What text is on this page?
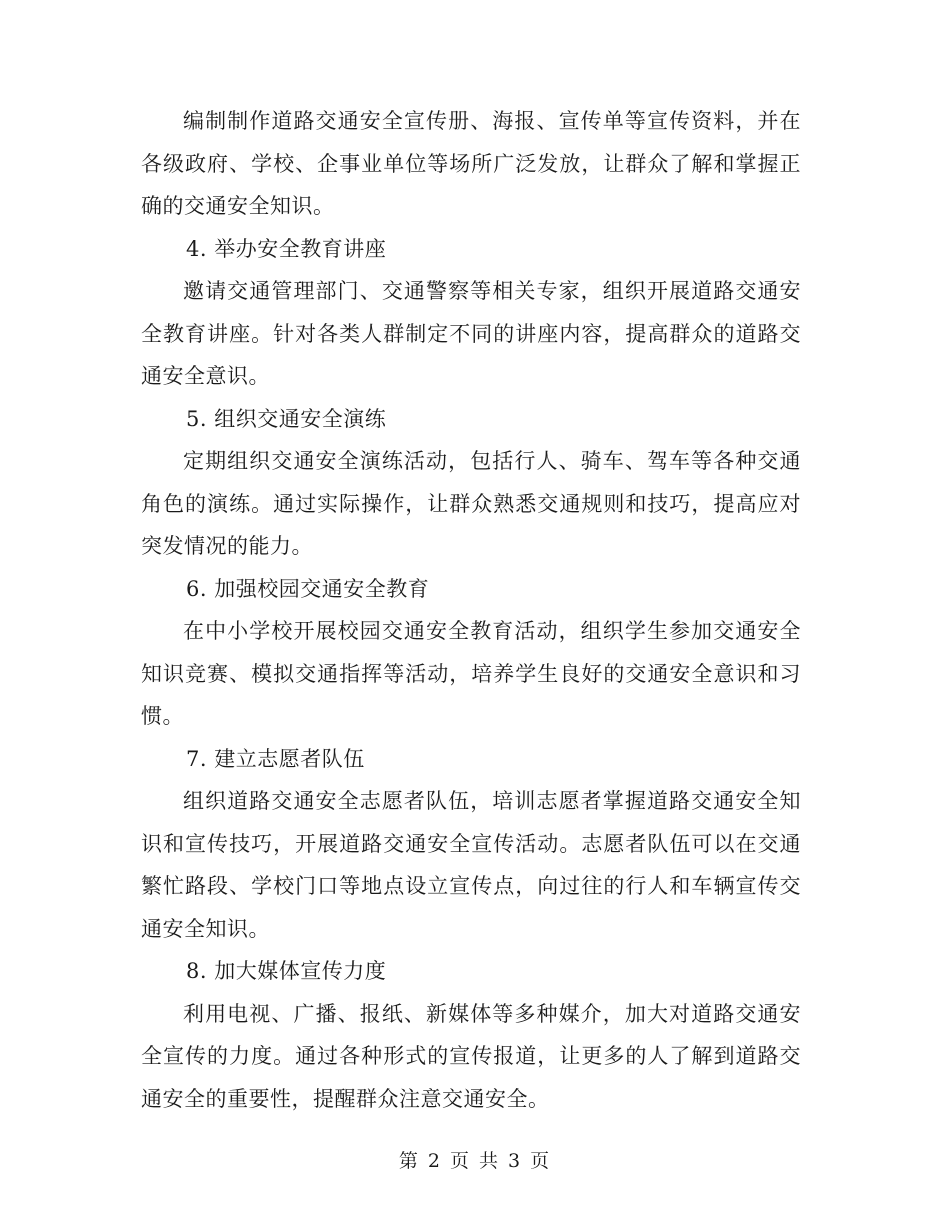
编制制作道路交通安全宣传册、海报、宣传单等宣传资料，并在各级政府、学校、企事业单位等场所广泛发放，让群众了解和掌握正确的交通安全知识。

4. 举办安全教育讲座

邀请交通管理部门、交通警察等相关专家，组织开展道路交通安全教育讲座。针对各类人群制定不同的讲座内容，提高群众的道路交通安全意识。

5. 组织交通安全演练

定期组织交通安全演练活动，包括行人、骑车、驾车等各种交通角色的演练。通过实际操作，让群众熟悉交通规则和技巧，提高应对突发情况的能力。

6. 加强校园交通安全教育

在中小学校开展校园交通安全教育活动，组织学生参加交通安全知识竞赛、模拟交通指挥等活动，培养学生良好的交通安全意识和习惯。

7. 建立志愿者队伍

组织道路交通安全志愿者队伍，培训志愿者掌握道路交通安全知识和宣传技巧，开展道路交通安全宣传活动。志愿者队伍可以在交通繁忙路段、学校门口等地点设立宣传点，向过往的行人和车辆宣传交通安全知识。

8. 加大媒体宣传力度

利用电视、广播、报纸、新媒体等多种媒介，加大对道路交通安全宣传的力度。通过各种形式的宣传报道，让更多的人了解到道路交通安全的重要性，提醒群众注意交通安全。

第 2 页 共 3 页
